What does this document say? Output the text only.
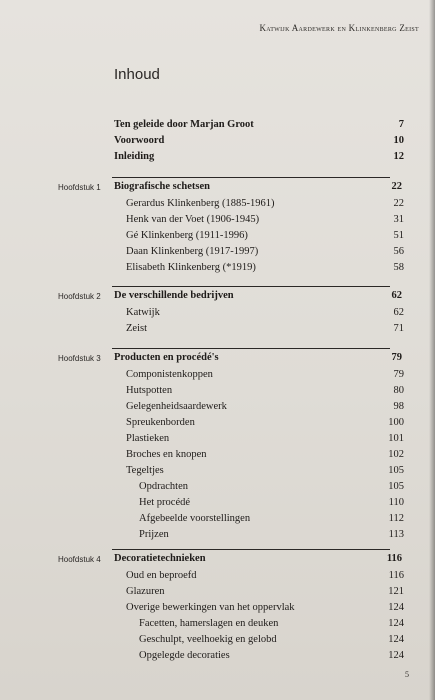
Katwijk Aardewerk en Klinkenberg Zeist
Inhoud
Ten geleide door Marjan Groot	7
Voorwoord	10
Inleiding	12
Hoofdstuk 1 Biografische schetsen	22
Gerardus Klinkenberg (1885-1961)	22
Henk van der Voet (1906-1945)	31
Gé Klinkenberg (1911-1996)	51
Daan Klinkenberg (1917-1997)	56
Elisabeth Klinkenberg (*1919)	58
Hoofdstuk 2 De verschillende bedrijven	62
Katwijk	62
Zeist	71
Hoofdstuk 3 Producten en procédé's	79
Componistenkoppen	79
Hutspotten	80
Gelegenheidsaardewerk	98
Spreukenborden	100
Plastieken	101
Broches en knopen	102
Tegeltjes	105
Opdrachten	105
Het procédé	110
Afgebeelde voorstellingen	112
Prijzen	113
Hoofdstuk 4 Decoratietechnieken	116
Oud en beproefd	116
Glazuren	121
Overige bewerkingen van het oppervlak	124
Facetten, hamerslagen en deuken	124
Geschulpt, veelhoekig en gelobd	124
Opgelegde decoraties	124
5
